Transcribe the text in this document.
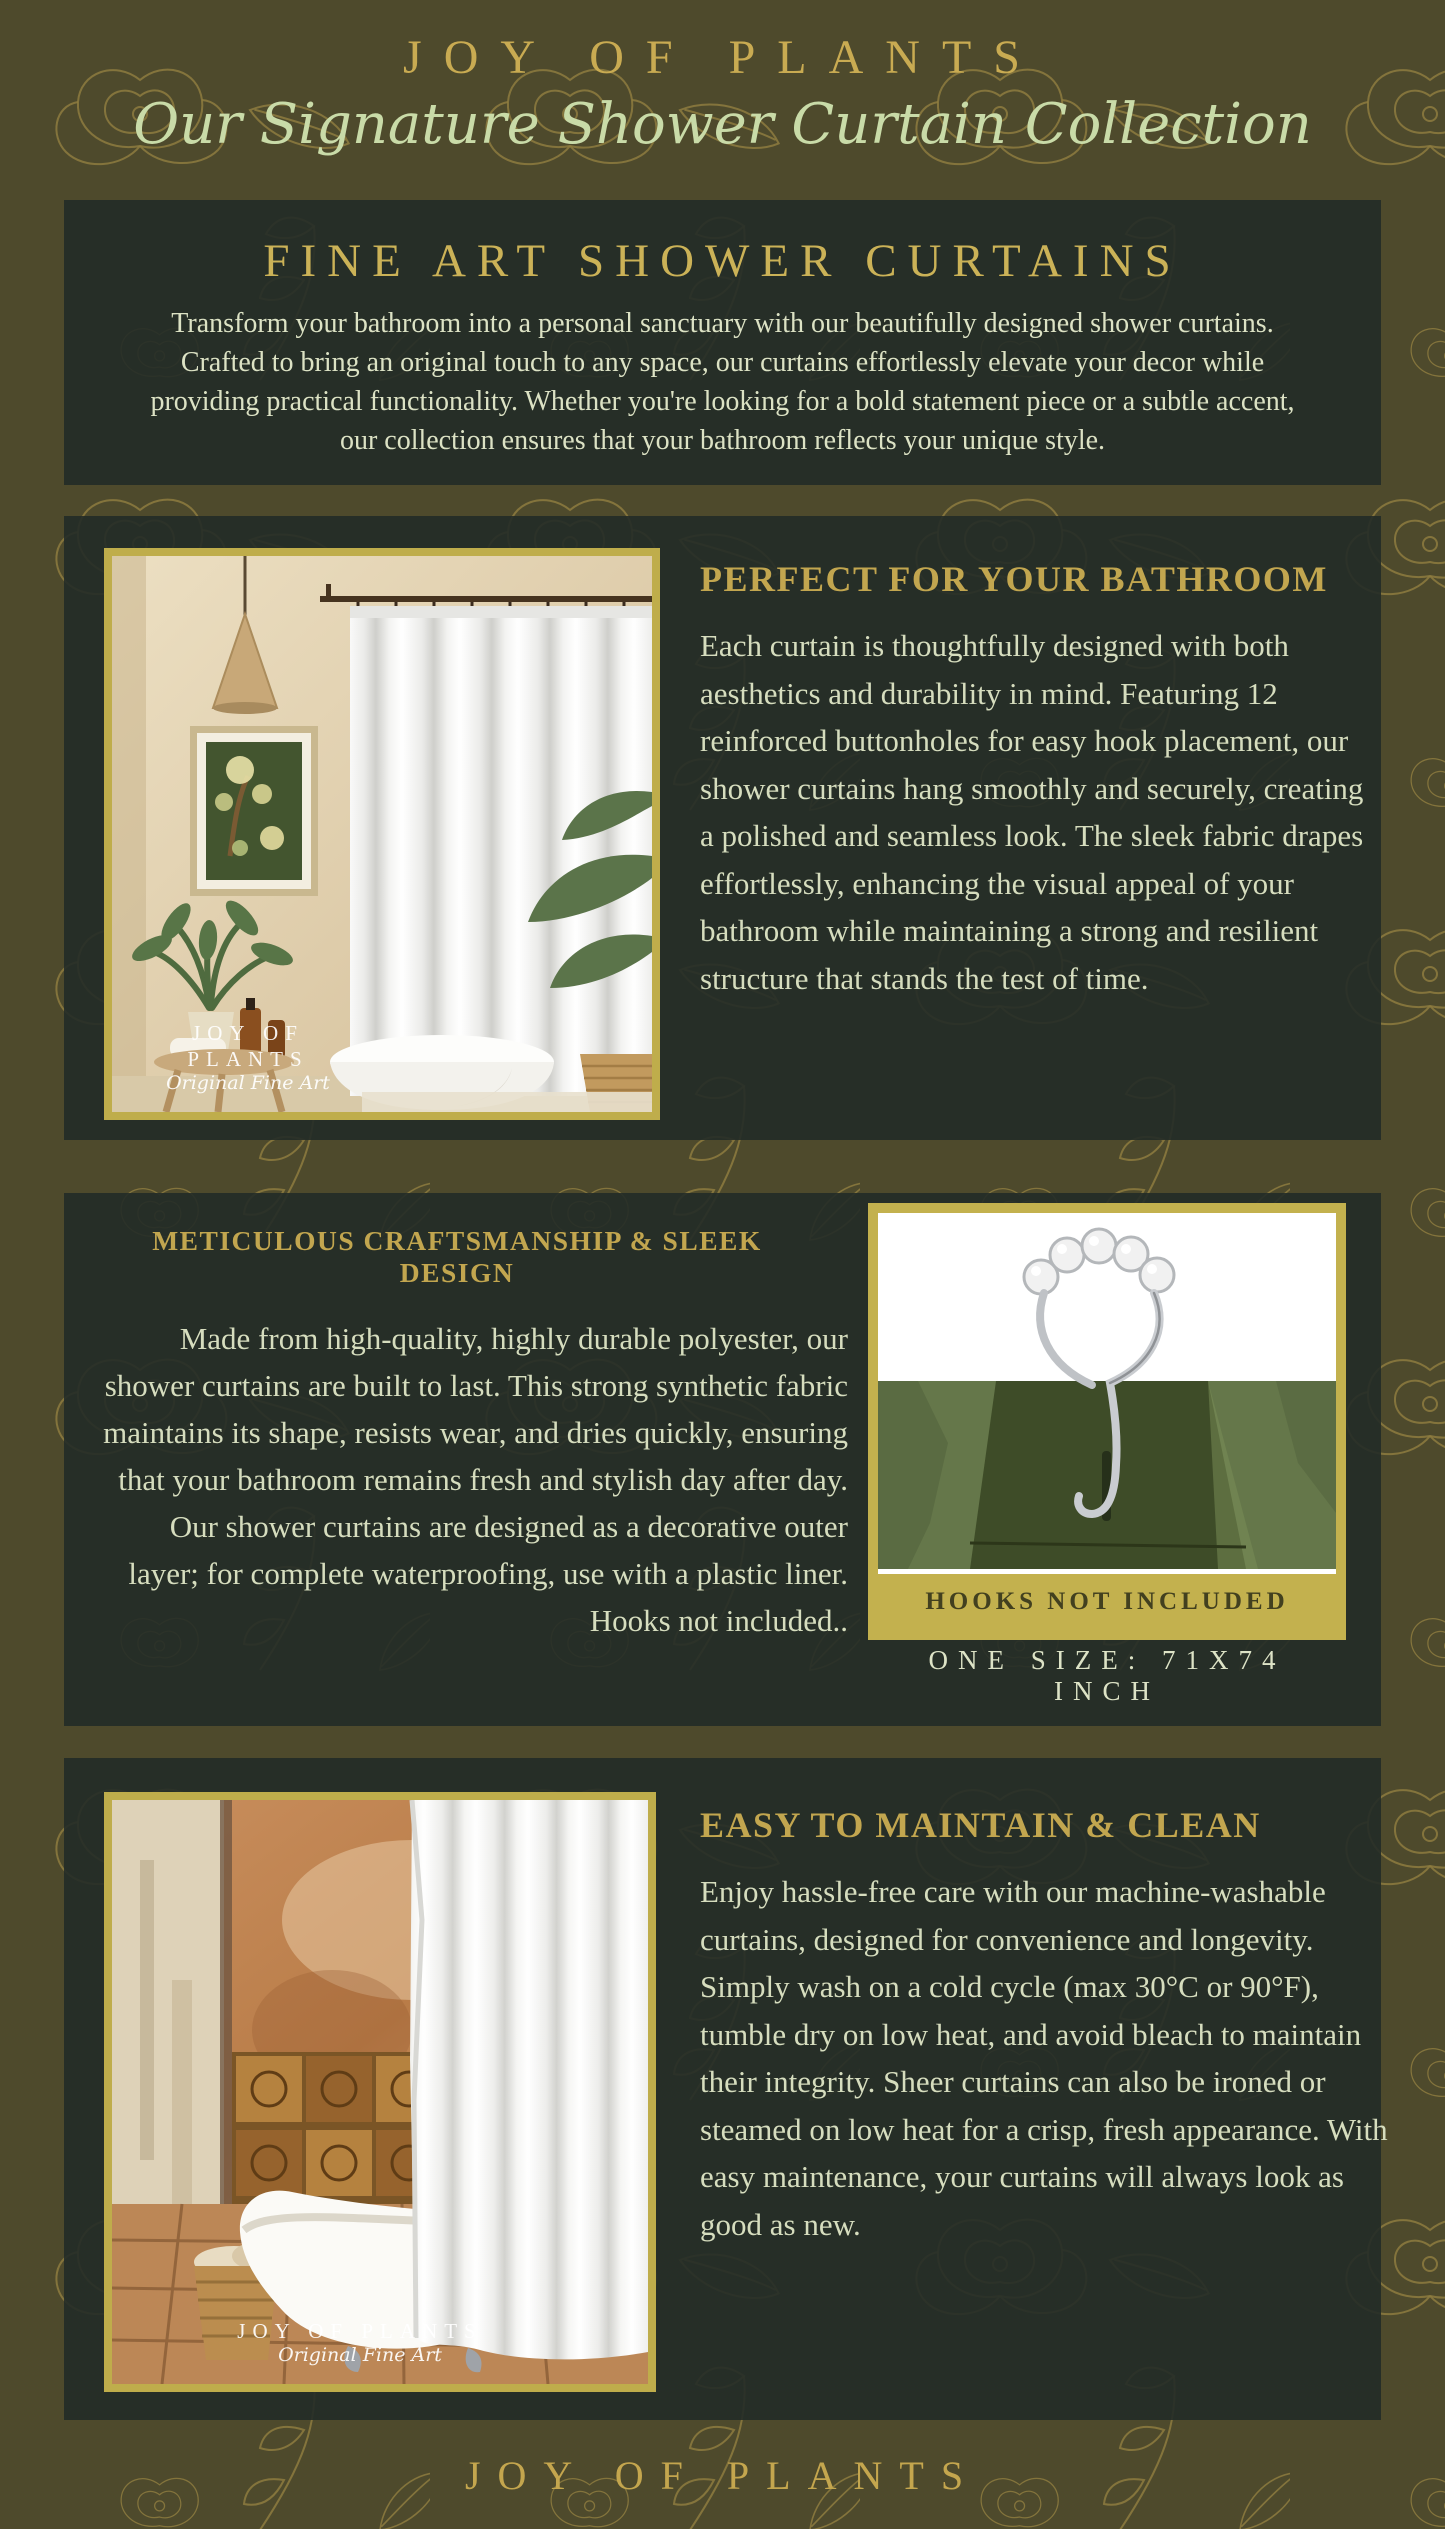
JOY OF PLANTS
Our Signature Shower Curtain Collection
FINE ART SHOWER CURTAINS

Transform your bathroom into a personal sanctuary with our beautifully designed shower curtains. Crafted to bring an original touch to any space, our curtains effortlessly elevate your decor while providing practical functionality. Whether you're looking for a bold statement piece or a subtle accent, our collection ensures that your bathroom reflects your unique style.

JOY OF PLANTS
Original Fine Art
PERFECT FOR YOUR BATHROOM

Each curtain is thoughtfully designed with both aesthetics and durability in mind. Featuring 12 reinforced buttonholes for easy hook placement, our shower curtains hang smoothly and securely, creating a polished and seamless look. The sleek fabric drapes effortlessly, enhancing the visual appeal of your bathroom while maintaining a strong and resilient structure that stands the test of time.

METICULOUS CRAFTSMANSHIP & SLEEK DESIGN

Made from high-quality, highly durable polyester, our shower curtains are built to last. This strong synthetic fabric maintains its shape, resists wear, and dries quickly, ensuring that your bathroom remains fresh and stylish day after day. Our shower curtains are designed as a decorative outer layer; for complete waterproofing, use with a plastic liner. Hooks not included..

HOOKS NOT INCLUDED
ONE SIZE: 71X74 INCH
JOY OF PLANTS
Original Fine Art
EASY TO MAINTAIN & CLEAN

Enjoy hassle-free care with our machine-washable curtains, designed for convenience and longevity. Simply wash on a cold cycle (max 30°C or 90°F), tumble dry on low heat, and avoid bleach to maintain their integrity. Sheer curtains can also be ironed or steamed on low heat for a crisp, fresh appearance. With easy maintenance, your curtains will always look as good as new.

JOY OF PLANTS
